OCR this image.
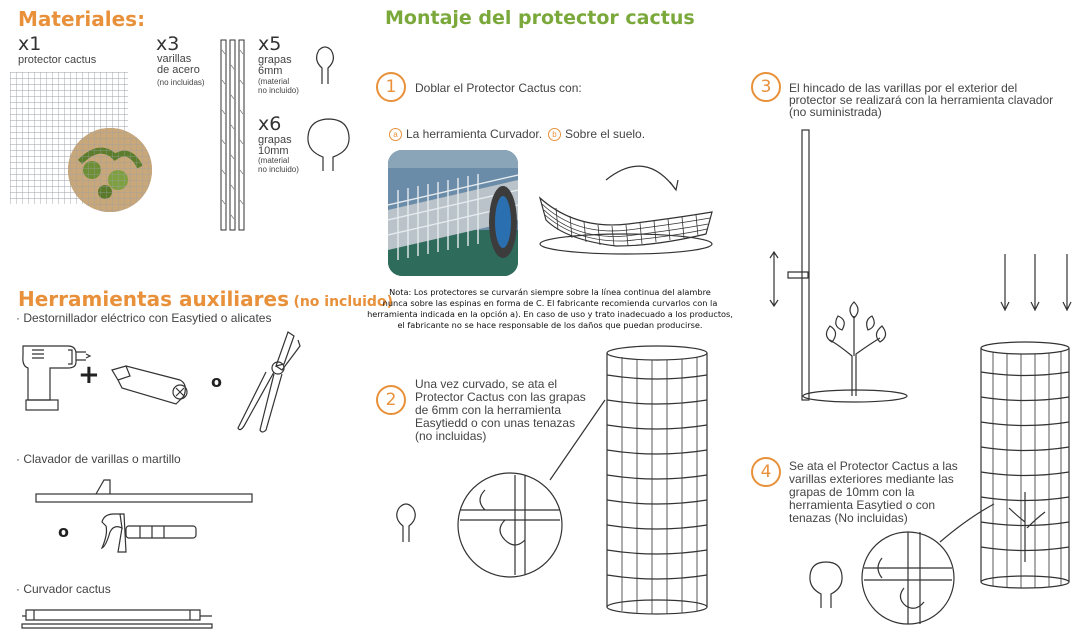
Materiales:
x1
protector cactus
x3
varillas
de acero
(no incluidas)
x5
grapas
6mm
(material
no incluido)
x6
grapas
10mm
(material
no incluido)
Herramientas auxiliares (no incluido)
· Destornillador eléctrico con Easytied o alicates
+	o
· Clavador de varillas o martillo
o
· Curvador cactus
Montaje del protector cactus
1	Doblar el Protector Cactus con:
a La herramienta Curvador.	b Sobre el suelo.
Nota: Los protectores se curvarán siempre sobre la línea continua del alambre
nunca sobre las espinas en forma de C. El fabricante recomienda curvarlos con la
herramienta indicada en la opción a). En caso de uso y trato inadecuado a los productos,
el fabricante no se hace responsable de los daños que puedan producirse.
2
Una vez curvado, se ata el
Protector Cactus con las grapas
de 6mm con la herramienta
Easytiedd o con unas tenazas
(no incluidas)
3	El hincado de las varillas por el exterior del
protector se realizará con la herramienta clavador
(no suministrada)
4	Se ata el Protector Cactus a las
varillas exteriores mediante las
grapas de 10mm con la
herramienta Easytied o con
tenazas (No incluidas)
